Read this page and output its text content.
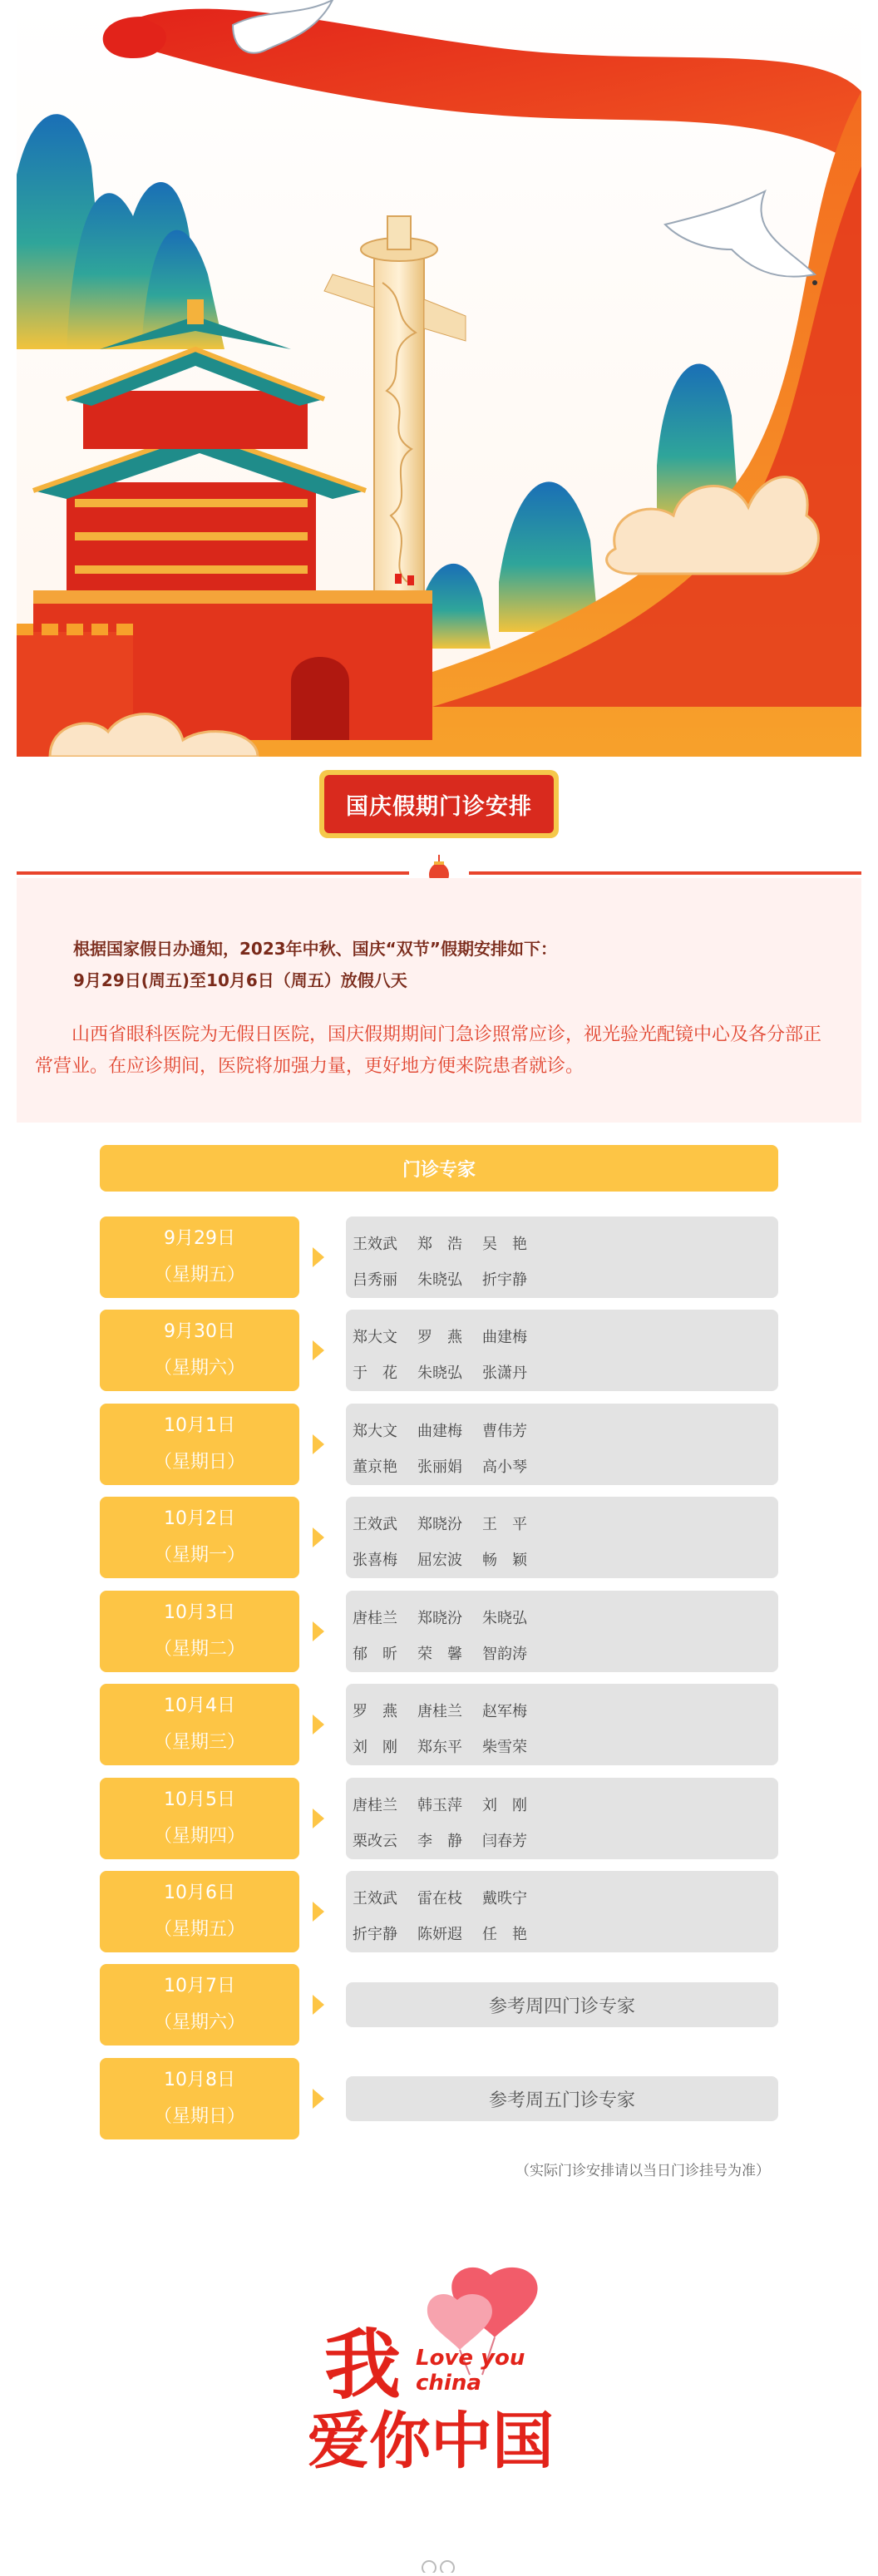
国庆假期门诊安排

根据国家假日办通知，2023年中秋、国庆“双节”假期安排如下：

9月29日(周五)至10月6日（周五）放假八天

山西省眼科医院为无假日医院，国庆假期期间门急诊照常应诊，视光验光配镜中心及各分部正常营业。在应诊期间，医院将加强力量，更好地方便来院患者就诊。

门诊专家
9月29日
（星期五）
王效武	郑　浩	吴　艳
吕秀丽	朱晓弘	折宇静
9月30日
（星期六）
郑大文	罗　燕	曲建梅
于　花	朱晓弘	张潇丹
10月1日
（星期日）
郑大文	曲建梅	曹伟芳
董京艳	张丽娟	高小琴
10月2日
（星期一）
王效武	郑晓汾	王　平
张喜梅	屈宏波	畅　颖
10月3日
（星期二）
唐桂兰	郑晓汾	朱晓弘
郁　昕	荣　馨	智韵涛
10月4日
（星期三）
罗　燕	唐桂兰	赵军梅
刘　刚	郑东平	柴雪荣
10月5日
（星期四）
唐桂兰	韩玉萍	刘　刚
栗改云	李　静	闫春芳
10月6日
（星期五）
王效武	雷在枝	戴昳宁
折宇静	陈妍遐	任　艳
10月7日
（星期六）
参考周四门诊专家
10月8日
（星期日）
参考周五门诊专家
（实际门诊安排请以当日门诊挂号为准）
我 Love you
china
爱你中国
